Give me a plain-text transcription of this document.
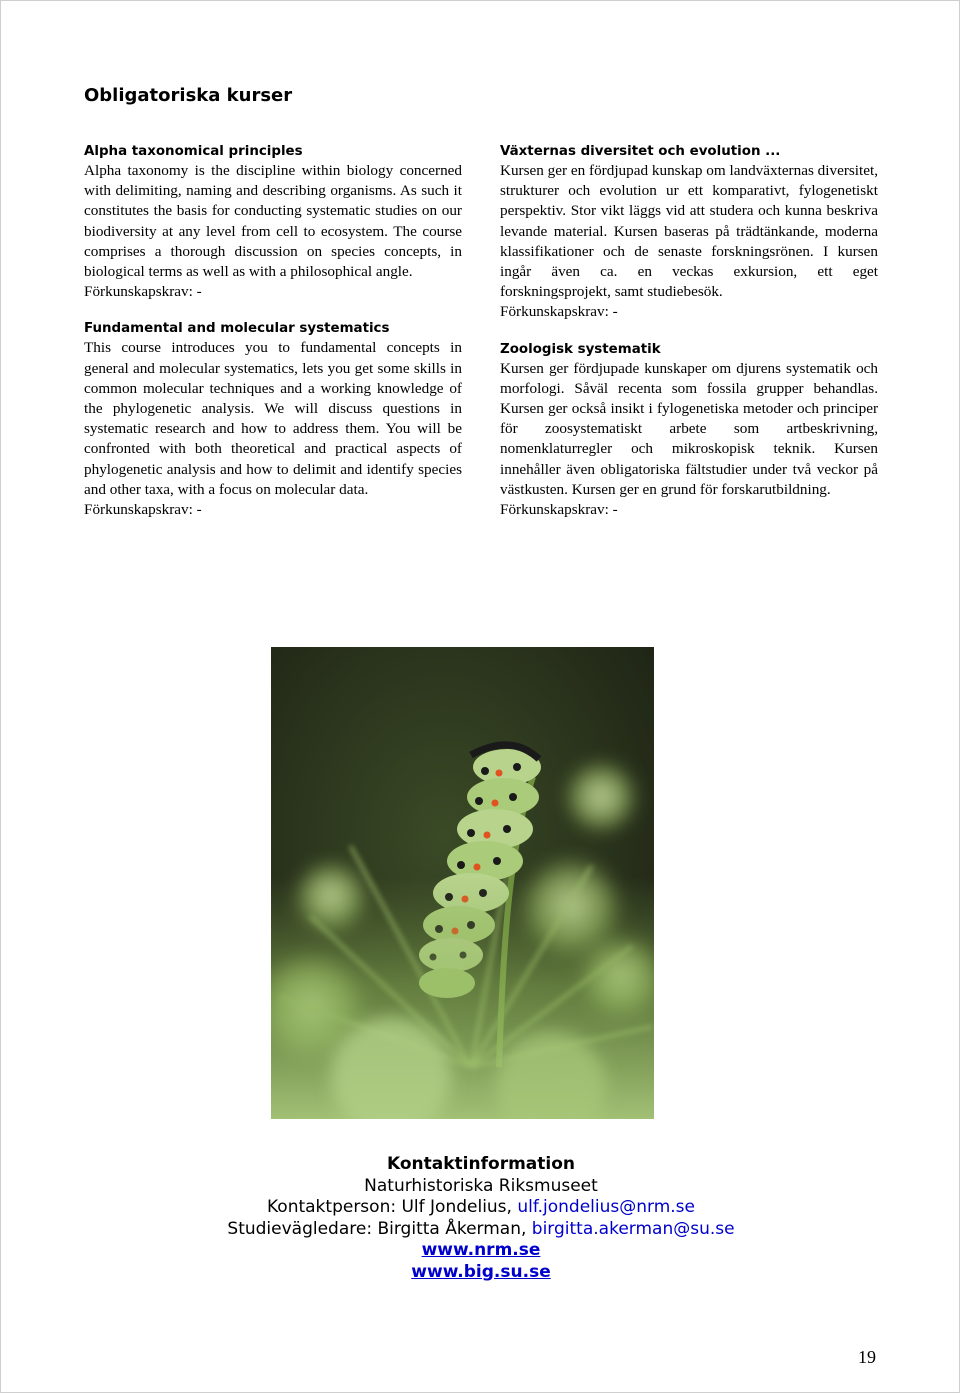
Obligatoriska kurser
Alpha taxonomical principles

Alpha taxonomy is the discipline within biology concerned with delimiting, naming and describing organisms. As such it constitutes the basis for conducting systematic studies on our biodiversity at any level from cell to ecosystem. The course comprises a thorough discussion on species concepts, in biological terms as well as with a philosophical angle.

Förkunskapskrav: -
Fundamental and molecular systematics

This course introduces you to fundamental concepts in general and molecular systematics, lets you get some skills in common molecular techniques and a working knowledge of the phylogenetic analysis. We will discuss questions in systematic research and how to address them. You will be confronted with both theoretical and practical aspects of phylogenetic analysis and how to delimit and identify species and other taxa, with a focus on molecular data.

Förkunskapskrav: -
Växternas diversitet och evolution ...

Kursen ger en fördjupad kunskap om landväxternas diversitet, strukturer och evolution ur ett komparativt, fylogenetiskt perspektiv. Stor vikt läggs vid att studera och kunna beskriva levande material. Kursen baseras på trädtänkande, moderna klassifikationer och de senaste forskningsrönen. I kursen ingår även ca. en veckas exkursion, ett eget forskningsprojekt, samt studiebesök.

Förkunskapskrav: -
Zoologisk systematik

Kursen ger fördjupade kunskaper om djurens systematik och morfologi. Såväl recenta som fossila grupper behandlas. Kursen ger också insikt i fylogenetiska metoder och principer för zoosystematiskt arbete som artbeskrivning, nomenklaturregler och mikroskopisk teknik. Kursen innehåller även obligatoriska fältstudier under två veckor på västkusten. Kursen ger en grund för forskarutbildning.

Förkunskapskrav: -
Kontaktinformation
Naturhistoriska Riksmuseet
Kontaktperson: Ulf Jondelius, ulf.jondelius@nrm.se
Studievägledare: Birgitta Åkerman, birgitta.akerman@su.se
www.nrm.se
www.big.su.se
19
